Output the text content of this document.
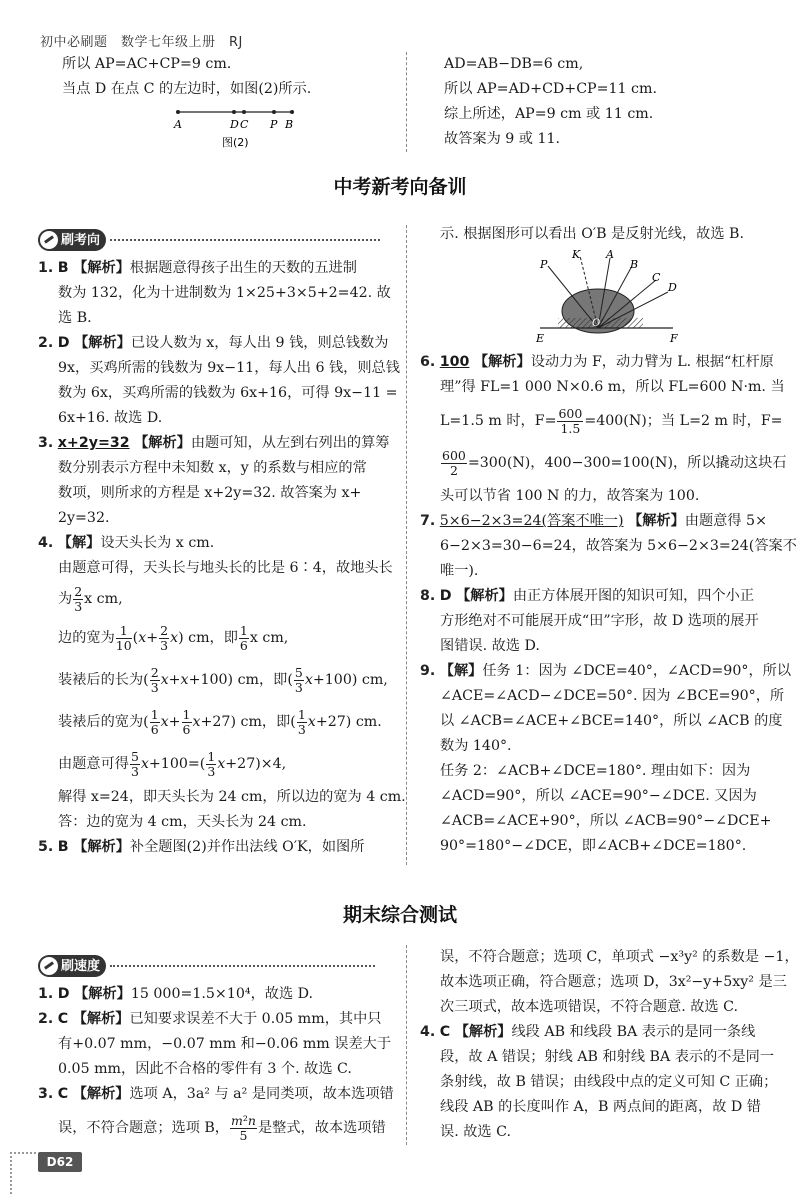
初中必刷题　数学七年级上册　RJ
所以 AP=AC+CP=9 cm.
当点 D 在点 C 的左边时，如图(2)所示.
A	D C P B
图(2)
AD=AB−DB=6 cm,
所以 AP=AD+CD+CP=11 cm.
综上所述，AP=9 cm 或 11 cm.
故答案为 9 或 11.
中考新考向备训
刷考向
1. B 【解析】根据题意得孩子出生的天数的五进制
数为 132，化为十进制数为 1×25+3×5+2=42. 故
选 B.
2. D 【解析】已设人数为 x，每人出 9 钱，则总钱数为
9x，买鸡所需的钱数为 9x−11，每人出 6 钱，则总钱
数为 6x，买鸡所需的钱数为 6x+16，可得 9x−11 =
6x+16. 故选 D.
3. x+2y=32 【解析】由题可知，从左到右列出的算筹
数分别表示方程中未知数 x，y 的系数与相应的常
数项，则所求的方程是 x+2y=32. 故答案为 x+
2y=32.
4. 【解】设天头长为 x cm.
由题意可得，天头长与地头长的比是 6∶4，故地头长
为 $\frac{2}{3}$ x cm,
边的宽为 $\frac{1}{10} (x+ \frac{2}{3} x)$ cm，即 $\frac{1}{6}$ x cm,
装裱后的长为( $\frac{2}{3} x+x+100$) cm，即( $\frac{5}{3} x+100$) cm,
装裱后的宽为( $\frac{1}{6} x+ \frac{1}{6} x+27$) cm，即( $\frac{1}{3} x+27$) cm.
由题意可得 $\frac{5}{3} x+100=( \frac{1}{3} x+27)\times 4$,
解得 x=24，即天头长为 24 cm，所以边的宽为 4 cm.
答：边的宽为 4 cm，天头长为 24 cm.
5. B 【解析】补全题图(2)并作出法线 O′K，如图所
示. 根据图形可以看出 O′B 是反射光线，故选 B.
P
K A
B
C
D
E
O
F
6. 100 【解析】设动力为 F，动力臂为 L. 根据“杠杆原
理”得 FL=1 000 N×0.6 m，所以 FL=600 N·m. 当
L=1.5 m 时，$F= \frac{600}{1.5} =400(N)$；当 L=2 m 时，F=
$\frac{600}{2} =300(N)$，400−300=100(N)，所以撬动这块石
头可以节省 100 N 的力，故答案为 100.
7. 5×6−2×3=24(答案不唯一) 【解析】由题意得 5×
6−2×3=30−6=24，故答案为 5×6−2×3=24(答案不
唯一).
8. D 【解析】由正方体展开图的知识可知，四个小正
方形绝对不可能展开成“田”字形，故 D 选项的展开
图错误. 故选 D.
9. 【解】任务 1：因为 ∠DCE=40°，∠ACD=90°，所以
∠ACE=∠ACD−∠DCE=50°. 因为 ∠BCE=90°，所
以 ∠ACB=∠ACE+∠BCE=140°，所以 ∠ACB 的度
数为 140°.
任务 2：∠ACB+∠DCE=180°. 理由如下：因为
∠ACD=90°，所以 ∠ACE=90°−∠DCE. 又因为
∠ACB=∠ACE+90°，所以 ∠ACB=90°−∠DCE+
90°=180°−∠DCE，即∠ACB+∠DCE=180°.
期末综合测试
刷速度
1. D 【解析】15 000=1.5×10⁴，故选 D.
2. C 【解析】已知要求误差不大于 0.05 mm，其中只
有+0.07 mm，−0.07 mm 和−0.06 mm 误差大于
0.05 mm，因此不合格的零件有 3 个. 故选 C.
3. C 【解析】选项 A，3a² 与 a² 是同类项，故本选项错
误，不符合题意；选项 B， $\frac{\text{m²n}}{5}$ 是整式，故本选项错
误，不符合题意；选项 C，单项式 −x³y² 的系数是 −1，
故本选项正确，符合题意；选项 D，3x²−y+5xy² 是三
次三项式，故本选项错误，不符合题意. 故选 C.
4. C 【解析】线段 AB 和线段 BA 表示的是同一条线
段，故 A 错误；射线 AB 和射线 BA 表示的不是同一
条射线，故 B 错误；由线段中点的定义可知 C 正确；
线段 AB 的长度叫作 A，B 两点间的距离，故 D 错
误. 故选 C.
D62
